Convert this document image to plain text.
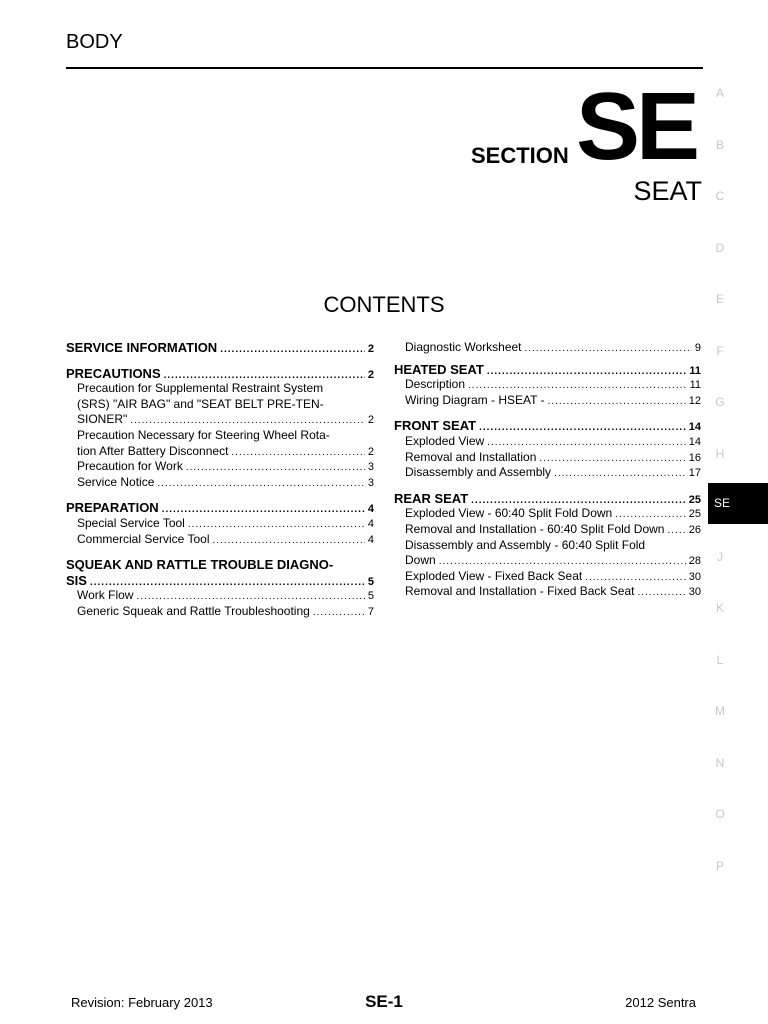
BODY
SECTION SE
SEAT
CONTENTS
SERVICE INFORMATION .....	2
PRECAUTIONS .....	2
Precaution for Supplemental Restraint System
(SRS) "AIR BAG" and "SEAT BELT PRE-TEN-
SIONER" .....	2
Precaution Necessary for Steering Wheel Rota-
tion After Battery Disconnect .....	2
Precaution for Work .....	3
Service Notice .....	3
PREPARATION .....	4
Special Service Tool .....	4
Commercial Service Tool .....	4
SQUEAK AND RATTLE TROUBLE DIAGNO-
SIS .....	5
Work Flow .....	5
Generic Squeak and Rattle Troubleshooting .....	7
Diagnostic Worksheet .....	9
HEATED SEAT .....	11
Description .....	11
Wiring Diagram - HSEAT - .....	12
FRONT SEAT .....	14
Exploded View .....	14
Removal and Installation .....	16
Disassembly and Assembly .....	17
REAR SEAT .....	25
Exploded View - 60:40 Split Fold Down .....	25
Removal and Installation - 60:40 Split Fold Down ..... 26
Disassembly and Assembly - 60:40 Split Fold
Down .....	28
Exploded View - Fixed Back Seat .....	30
Removal and Installation - Fixed Back Seat .....	30
A
B
C
D
E
F
G
H
SE
J
K
L
M
N
O
P
Revision: February 2013	SE-1	2012 Sentra
